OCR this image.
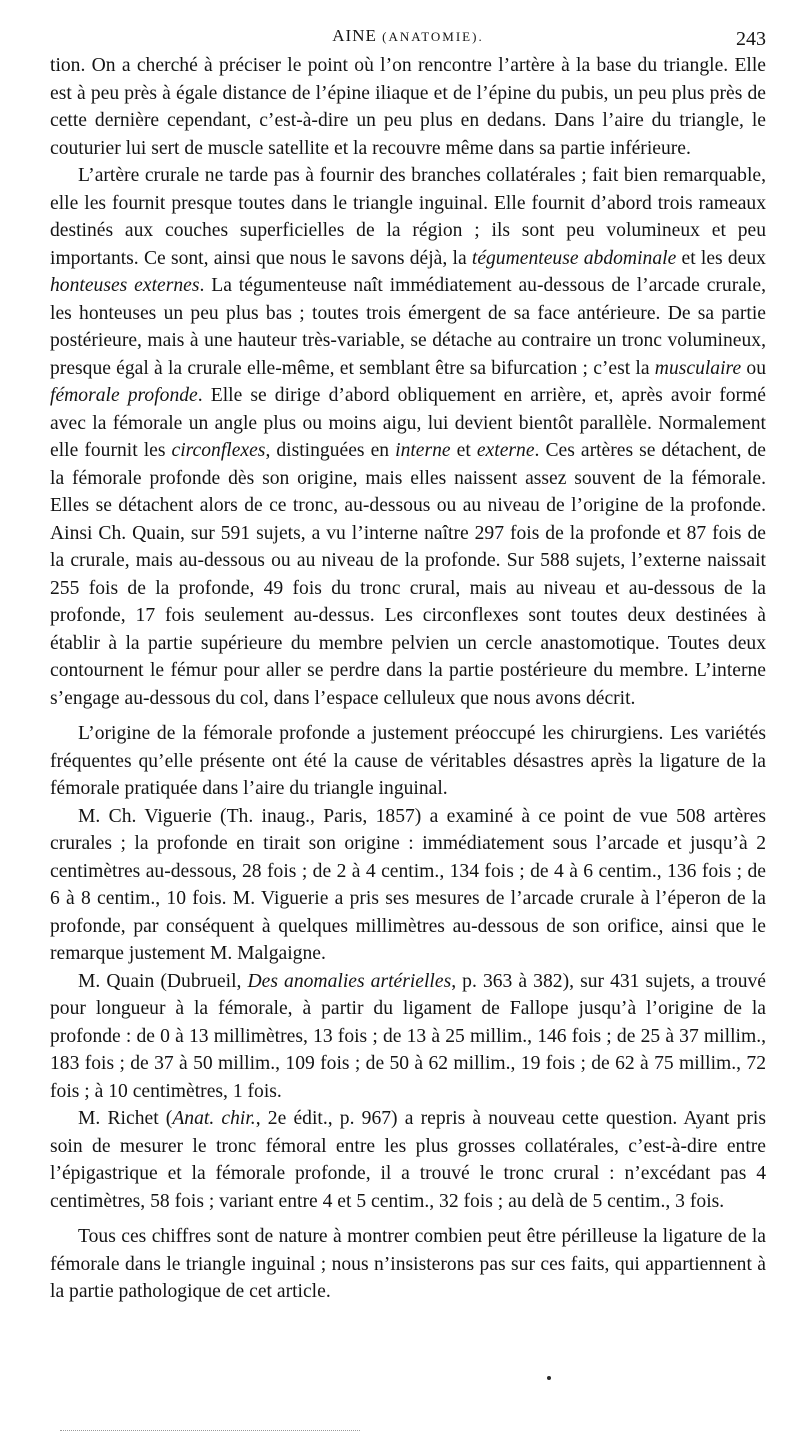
AINE (ANATOMIE).	243

tion. On a cherché à préciser le point où l’on rencontre l’artère à la base du triangle. Elle est à peu près à égale distance de l’épine iliaque et de l’épine du pubis, un peu plus près de cette dernière cependant, c’est-à-dire un peu plus en dedans. Dans l’aire du triangle, le couturier lui sert de muscle satellite et la recouvre même dans sa partie inférieure.

L’artère crurale ne tarde pas à fournir des branches collatérales ; fait bien remarquable, elle les fournit presque toutes dans le triangle inguinal. Elle fournit d’abord trois rameaux destinés aux couches superficielles de la région ; ils sont peu volumineux et peu importants. Ce sont, ainsi que nous le savons déjà, la tégumenteuse abdominale et les deux honteuses externes. La tégumenteuse naît immédiatement au-dessous de l’arcade crurale, les honteuses un peu plus bas ; toutes trois émergent de sa face antérieure. De sa partie postérieure, mais à une hauteur très-variable, se détache au contraire un tronc volumineux, presque égal à la crurale elle-même, et semblant être sa bifurcation ; c’est la musculaire ou fémorale profonde. Elle se dirige d’abord obliquement en arrière, et, après avoir formé avec la fémorale un angle plus ou moins aigu, lui devient bientôt parallèle. Normalement elle fournit les circonflexes, distinguées en interne et externe. Ces artères se détachent, de la fémorale profonde dès son origine, mais elles naissent assez souvent de la fémorale. Elles se détachent alors de ce tronc, au-dessous ou au niveau de l’origine de la profonde. Ainsi Ch. Quain, sur 591 sujets, a vu l’interne naître 297 fois de la profonde et 87 fois de la crurale, mais au-dessous ou au niveau de la profonde. Sur 588 sujets, l’externe naissait 255 fois de la profonde, 49 fois du tronc crural, mais au niveau et au-dessous de la profonde, 17 fois seulement au-dessus. Les circonflexes sont toutes deux destinées à établir à la partie supérieure du membre pelvien un cercle anastomotique. Toutes deux contournent le fémur pour aller se perdre dans la partie postérieure du membre. L’interne s’engage au-dessous du col, dans l’espace celluleux que nous avons décrit.

L’origine de la fémorale profonde a justement préoccupé les chirurgiens. Les variétés fréquentes qu’elle présente ont été la cause de véritables désastres après la ligature de la fémorale pratiquée dans l’aire du triangle inguinal.

M. Ch. Viguerie (Th. inaug., Paris, 1857) a examiné à ce point de vue 508 artères crurales ; la profonde en tirait son origine : immédiatement sous l’arcade et jusqu’à 2 centimètres au-dessous, 28 fois ; de 2 à 4 centim., 134 fois ; de 4 à 6 centim., 136 fois ; de 6 à 8 centim., 10 fois. M. Viguerie a pris ses mesures de l’arcade crurale à l’éperon de la profonde, par conséquent à quelques millimètres au-dessous de son orifice, ainsi que le remarque justement M. Malgaigne.

M. Quain (Dubrueil, Des anomalies artérielles, p. 363 à 382), sur 431 sujets, a trouvé pour longueur à la fémorale, à partir du ligament de Fallope jusqu’à l’origine de la profonde : de 0 à 13 millimètres, 13 fois ; de 13 à 25 millim., 146 fois ; de 25 à 37 millim., 183 fois ; de 37 à 50 millim., 109 fois ; de 50 à 62 millim., 19 fois ; de 62 à 75 millim., 72 fois ; à 10 centimètres, 1 fois.

M. Richet (Anat. chir., 2e édit., p. 967) a repris à nouveau cette question. Ayant pris soin de mesurer le tronc fémoral entre les plus grosses collatérales, c’est-à-dire entre l’épigastrique et la fémorale profonde, il a trouvé le tronc crural : n’excédant pas 4 centimètres, 58 fois ; variant entre 4 et 5 centim., 32 fois ; au delà de 5 centim., 3 fois.

Tous ces chiffres sont de nature à montrer combien peut être périlleuse la ligature de la fémorale dans le triangle inguinal ; nous n’insisterons pas sur ces faits, qui appartiennent à la partie pathologique de cet article.
